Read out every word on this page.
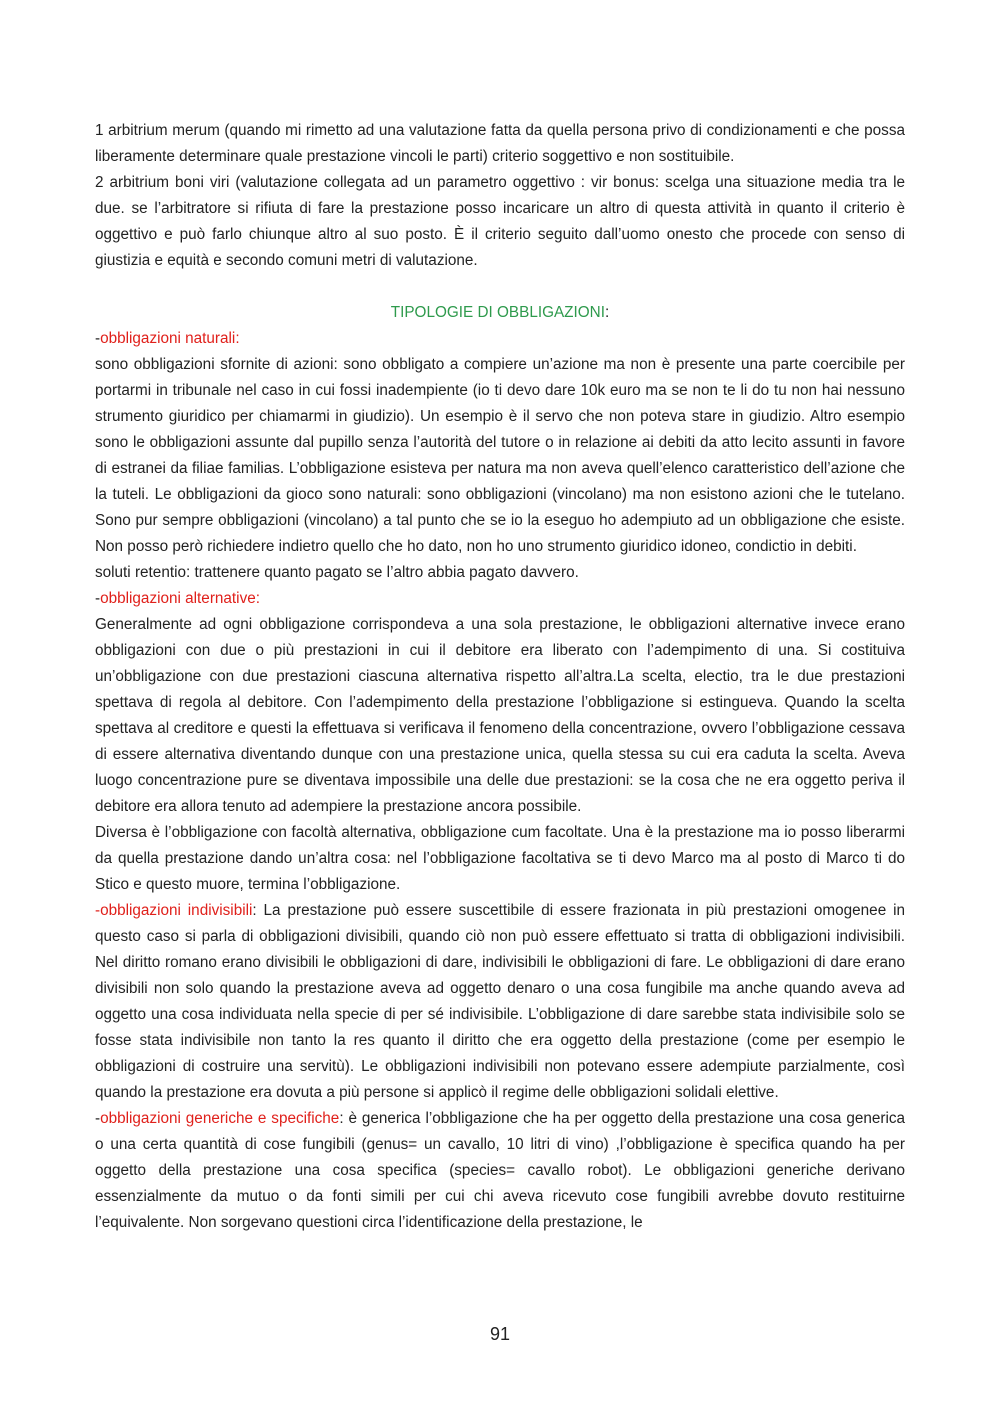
1 arbitrium merum (quando mi rimetto ad una valutazione fatta da quella persona privo di condizionamenti e che possa liberamente determinare quale prestazione vincoli le parti) criterio soggettivo e non sostituibile.

2 arbitrium boni viri (valutazione collegata ad un parametro oggettivo : vir bonus: scelga una situazione media tra le due. se l’arbitratore si rifiuta di fare la prestazione posso incaricare un altro di questa attività in quanto il criterio è oggettivo e può farlo chiunque altro al suo posto. È il criterio seguito dall’uomo onesto che procede con senso di giustizia e equità e secondo comuni metri di valutazione.

TIPOLOGIE DI OBBLIGAZIONI:

-obbligazioni naturali:

sono obbligazioni sfornite di azioni: sono obbligato a compiere un’azione ma non è presente una parte coercibile per portarmi in tribunale nel caso in cui fossi inadempiente (io ti devo dare 10k euro ma se non te li do tu non hai nessuno strumento giuridico per chiamarmi in giudizio). Un esempio è il servo che non poteva stare in giudizio. Altro esempio sono le obbligazioni assunte dal pupillo senza l’autorità del tutore o in relazione ai debiti da atto lecito assunti in favore di estranei da filiae familias. L’obbligazione esisteva per natura ma non aveva quell’elenco caratteristico dell’azione che la tuteli. Le obbligazioni da gioco sono naturali: sono obbligazioni (vincolano) ma non esistono azioni che le tutelano. Sono pur sempre obbligazioni (vincolano) a tal punto che se io la eseguo ho adempiuto ad un obbligazione che esiste. Non posso però richiedere indietro quello che ho dato, non ho uno strumento giuridico idoneo, condictio in debiti.

soluti retentio: trattenere quanto pagato se l’altro abbia pagato davvero.

-obbligazioni alternative:

Generalmente ad ogni obbligazione corrispondeva a una sola prestazione, le obbligazioni alternative invece erano obbligazioni con due o più prestazioni in cui il debitore era liberato con l’adempimento di una. Si costituiva un’obbligazione con due prestazioni ciascuna alternativa rispetto all’altra.La scelta, electio, tra le due prestazioni spettava di regola al debitore. Con l’adempimento della prestazione l’obbligazione si estingueva. Quando la scelta spettava al creditore e questi la effettuava si verificava il fenomeno della concentrazione, ovvero l’obbligazione cessava di essere alternativa diventando dunque con una prestazione unica, quella stessa su cui era caduta la scelta. Aveva luogo concentrazione pure se diventava impossibile una delle due prestazioni: se la cosa che ne era oggetto periva il debitore era allora tenuto ad adempiere la prestazione ancora possibile.

Diversa è l’obbligazione con facoltà alternativa, obbligazione cum facoltate. Una è la prestazione ma io posso liberarmi da quella prestazione dando un’altra cosa: nel l’obbligazione facoltativa se ti devo Marco ma al posto di Marco ti do Stico e questo muore, termina l’obbligazione.

-obbligazioni indivisibili: La prestazione può essere suscettibile di essere frazionata in più prestazioni omogenee in questo caso si parla di obbligazioni divisibili, quando ciò non può essere effettuato si tratta di obbligazioni indivisibili. Nel diritto romano erano divisibili le obbligazioni di dare, indivisibili le obbligazioni di fare. Le obbligazioni di dare erano divisibili non solo quando la prestazione aveva ad oggetto denaro o una cosa fungibile ma anche quando aveva ad oggetto una cosa individuata nella specie di per sé indivisibile. L’obbligazione di dare sarebbe stata indivisibile solo se fosse stata indivisibile non tanto la res quanto il diritto che era oggetto della prestazione (come per esempio le obbligazioni di costruire una servitù). Le obbligazioni indivisibili non potevano essere adempiute parzialmente, così quando la prestazione era dovuta a più persone si applicò il regime delle obbligazioni solidali elettive.

-obbligazioni generiche e specifiche: è generica l’obbligazione che ha per oggetto della prestazione una cosa generica o una certa quantità di cose fungibili (genus= un cavallo, 10 litri di vino) ,l’obbligazione è specifica quando ha per oggetto della prestazione una cosa specifica (species= cavallo robot). Le obbligazioni generiche derivano essenzialmente da mutuo o da fonti simili per cui chi aveva ricevuto cose fungibili avrebbe dovuto restituirne l’equivalente. Non sorgevano questioni circa l’identificazione della prestazione, le

91
